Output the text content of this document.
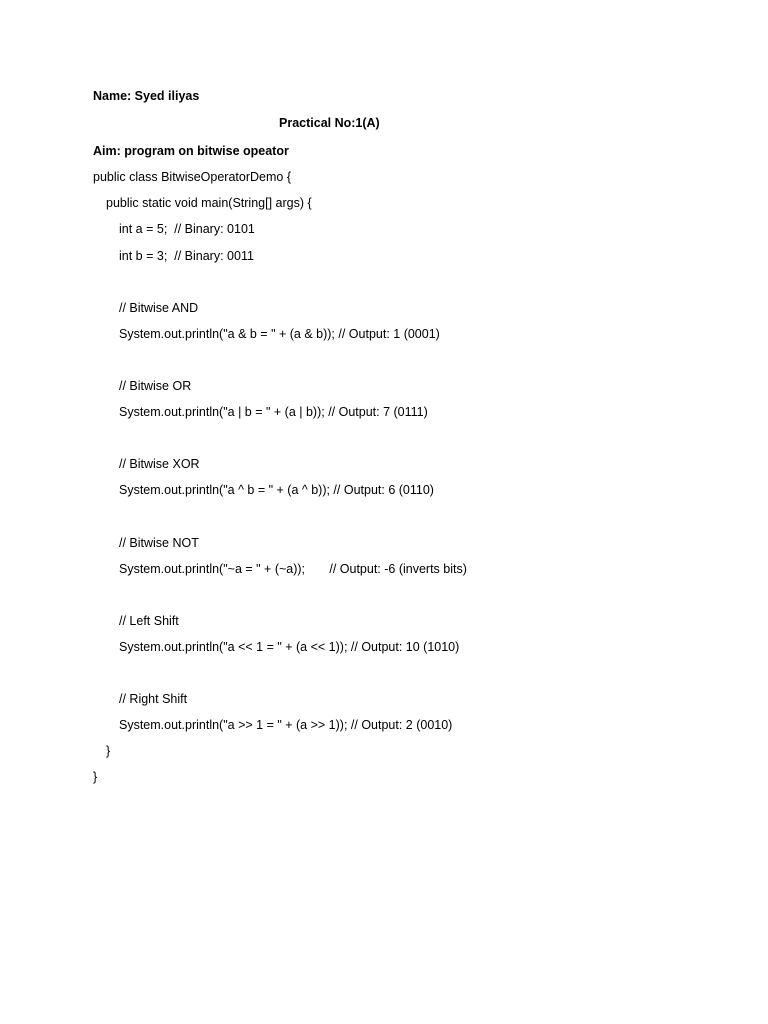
Name: Syed iliyas
Practical No:1(A)
Aim: program on bitwise opeator
public class BitwiseOperatorDemo {
public static void main(String[] args) {
int a = 5;  // Binary: 0101
int b = 3;  // Binary: 0011
// Bitwise AND
System.out.println("a & b = " + (a & b)); // Output: 1 (0001)
// Bitwise OR
System.out.println("a | b = " + (a | b)); // Output: 7 (0111)
// Bitwise XOR
System.out.println("a ^ b = " + (a ^ b)); // Output: 6 (0110)
// Bitwise NOT
System.out.println("~a = " + (~a));       // Output: -6 (inverts bits)
// Left Shift
System.out.println("a << 1 = " + (a << 1)); // Output: 10 (1010)
// Right Shift
System.out.println("a >> 1 = " + (a >> 1)); // Output: 2 (0010)
}
}
